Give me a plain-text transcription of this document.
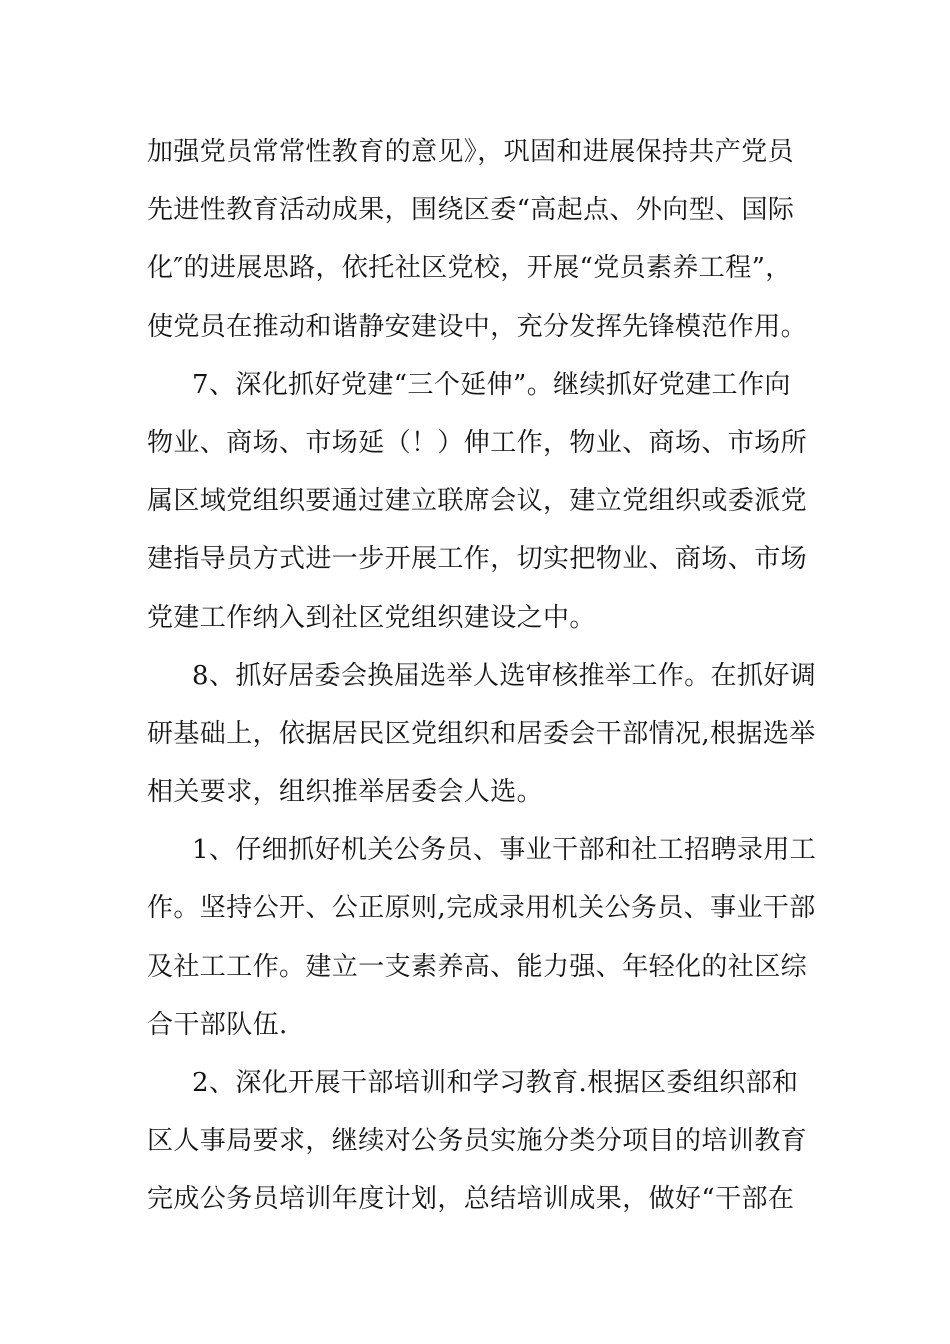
加强党员常常性教育的意见》，巩固和进展保持共产党员
先进性教育活动成果，围绕区委“高起点、外向型、国际
化″的进展思路，依托社区党校，开展“党员素养工程”，
使党员在推动和谐静安建设中，充分发挥先锋模范作用。
7、深化抓好党建“三个延伸”。继续抓好党建工作向
物业、商场、市场延（！）伸工作，物业、商场、市场所
属区域党组织要通过建立联席会议，建立党组织或委派党
建指导员方式进一步开展工作，切实把物业、商场、市场
党建工作纳入到社区党组织建设之中。
8、抓好居委会换届选举人选审核推举工作。在抓好调
研基础上，依据居民区党组织和居委会干部情况,根据选举
相关要求，组织推举居委会人选。
1、仔细抓好机关公务员、事业干部和社工招聘录用工
作。坚持公开、公正原则,完成录用机关公务员、事业干部
及社工工作。建立一支素养高、能力强、年轻化的社区综
合干部队伍.
2、深化开展干部培训和学习教育.根据区委组织部和
区人事局要求，继续对公务员实施分类分项目的培训教育
完成公务员培训年度计划，总结培训成果，做好“干部在
